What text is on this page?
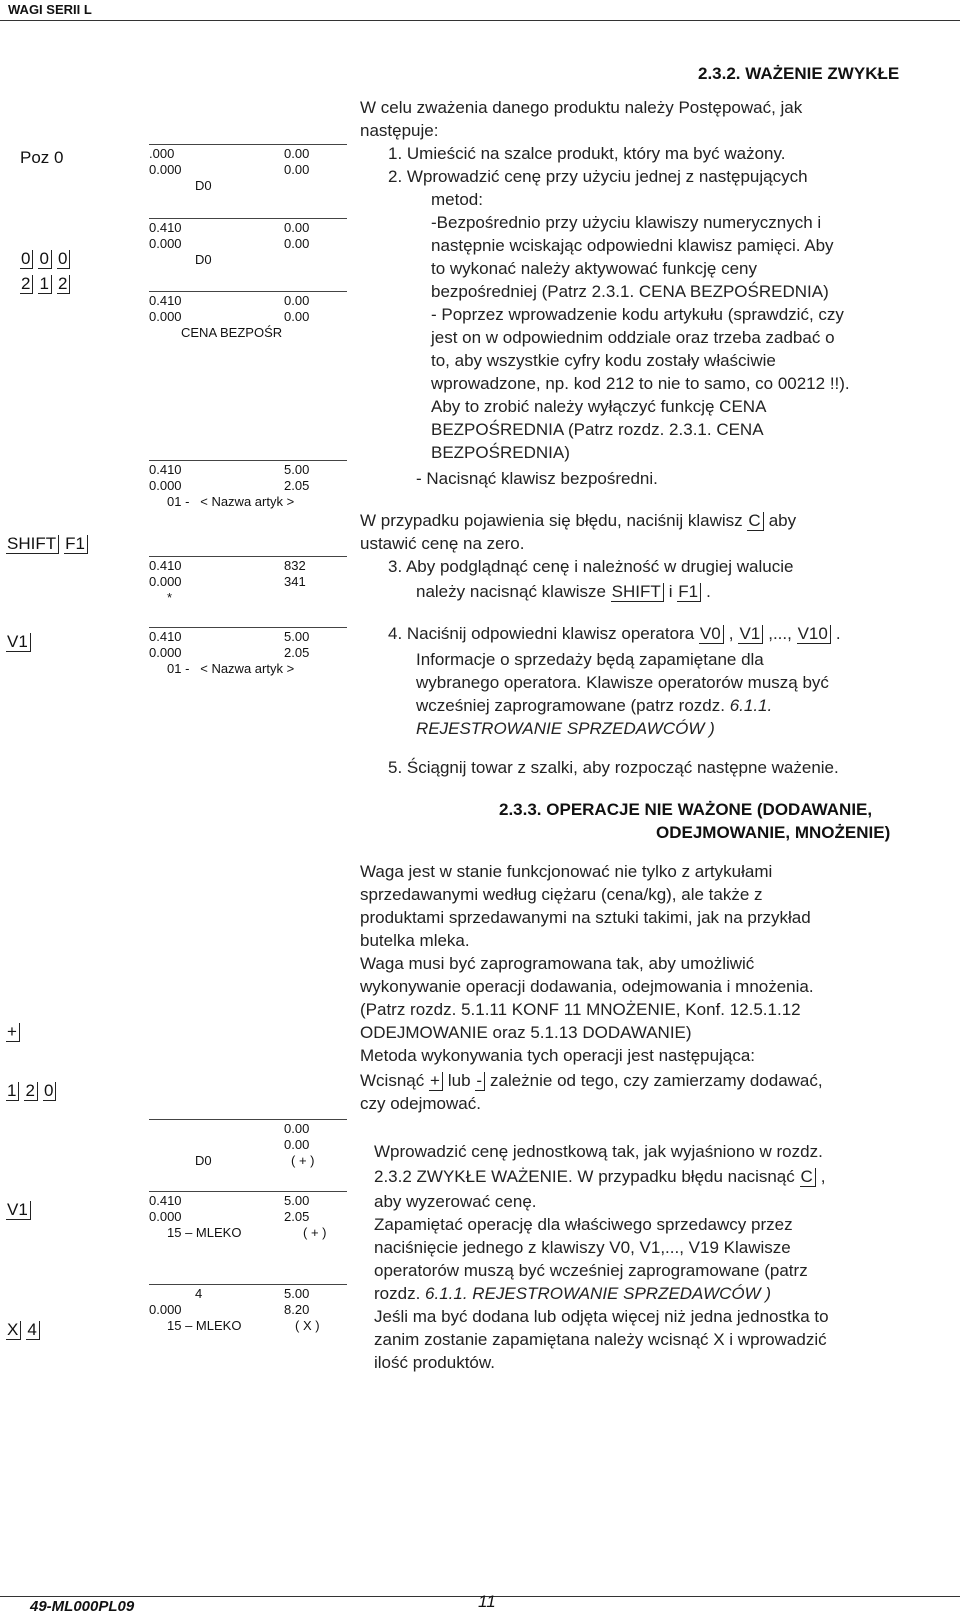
WAGI SERII L
Poz 0
0 0 0
2 1 2
SHIFT F1
V1
+
1 2 0
V1
X 4
.000	0.00
0.000	0.00
D0
0.410	0.00
0.000	0.00
D0
0.410	0.00
0.000	0.00
CENA BEZPOŚR
0.410	5.00
0.000	2.05
01 -   < Nazwa artyk >
0.410	832
0.000	341
*
0.410	5.00
0.000	2.05
01 -   < Nazwa artyk >
0.00
0.00
D0	( + )
0.410	5.00
0.000	2.05
15 – MLEKO	( + )
4	5.00
0.000	8.20
15 – MLEKO	( X )
2.3.2. WAŻENIE ZWYKŁE
W celu zważenia danego produktu należy Postępować, jak
następuje:
1. Umieścić na szalce produkt, który ma być ważony.
2. Wprowadzić cenę przy użyciu jednej z następujących
metod:
-Bezpośrednio przy użyciu klawiszy numerycznych i
następnie wciskając odpowiedni klawisz pamięci. Aby
to wykonać należy aktywować funkcję ceny
bezpośredniej (Patrz 2.3.1. CENA BEZPOŚREDNIA)
- Poprzez wprowadzenie kodu artykułu (sprawdzić, czy
jest on w odpowiednim oddziale oraz trzeba zadbać o
to, aby wszystkie cyfry kodu zostały właściwie
wprowadzone, np. kod 212 to nie to samo, co 00212 !!).
Aby to zrobić należy wyłączyć funkcję CENA
BEZPOŚREDNIA (Patrz rozdz. 2.3.1. CENA
BEZPOŚREDNIA)
- Nacisnąć klawisz bezpośredni.
W przypadku pojawienia się błędu, naciśnij klawisz C aby
ustawić cenę na zero.
3. Aby podglądnąć cenę i należność w drugiej walucie
należy nacisnąć klawisze SHIFT i F1 .
4. Naciśnij odpowiedni klawisz operatora V0 , V1 ,..., V10 .
Informacje o sprzedaży będą zapamiętane dla
wybranego operatora. Klawisze operatorów muszą być
wcześniej zaprogramowane (patrz rozdz. 6.1.1.
REJESTROWANIE SPRZEDAWCÓW )
5. Ściągnij towar z szalki, aby rozpocząć następne ważenie.
2.3.3. OPERACJE NIE WAŻONE (DODAWANIE,
ODEJMOWANIE, MNOŻENIE)
Waga jest w stanie funkcjonować nie tylko z artykułami
sprzedawanymi według ciężaru (cena/kg), ale także z
produktami sprzedawanymi na sztuki takimi, jak na przykład
butelka mleka.
Waga musi być zaprogramowana tak, aby umożliwić
wykonywanie operacji dodawania, odejmowania i mnożenia.
(Patrz rozdz. 5.1.11 KONF 11 MNOŻENIE, Konf. 12.5.1.12
ODEJMOWANIE oraz 5.1.13 DODAWANIE)
Metoda wykonywania tych operacji jest następująca:
Wcisnąć + lub - zależnie od tego, czy zamierzamy dodawać,
czy odejmować.
Wprowadzić cenę jednostkową tak, jak wyjaśniono w rozdz.
2.3.2 ZWYKŁE WAŻENIE. W przypadku błędu nacisnąć C ,
aby wyzerować cenę.
Zapamiętać operację dla właściwego sprzedawcy przez
naciśnięcie jednego z klawiszy V0, V1,..., V19 Klawisze
operatorów muszą być wcześniej zaprogramowane (patrz
rozdz. 6.1.1. REJESTROWANIE SPRZEDAWCÓW )
Jeśli ma być dodana lub odjęta więcej niż jedna jednostka to
zanim zostanie zapamiętana należy wcisnąć X i wprowadzić
ilość produktów.
49-ML000PL09	11
